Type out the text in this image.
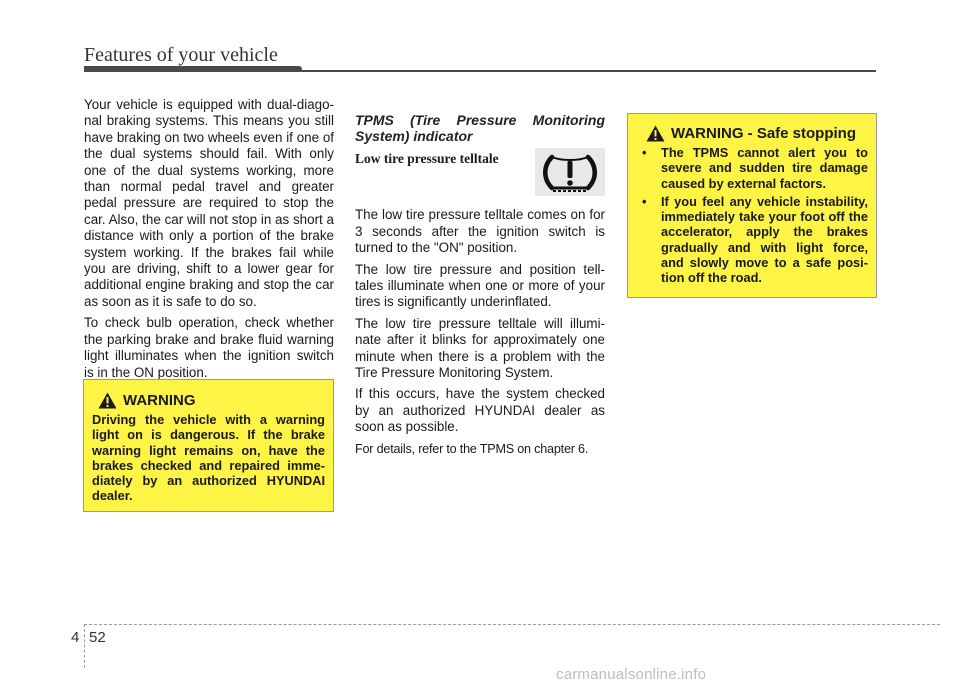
Features of your vehicle

Your vehicle is equipped with dual-diago- nal braking systems. This means you still have braking on two wheels even if one of the dual systems should fail. With only one of the dual systems working, more than normal pedal travel and greater pedal pressure are required to stop the car. Also, the car will not stop in as short a distance with only a portion of the brake system working. If the brakes fail while you are driving, shift to a lower gear for additional engine braking and stop the car as soon as it is safe to do so.

To check bulb operation, check whether the parking brake and brake fluid warning light illuminates when the ignition switch is in the ON position.

WARNING
Driving the vehicle with a warning light on is dangerous. If the brake warning light remains on, have the brakes checked and repaired imme- diately by an authorized HYUNDAI dealer.
TPMS (Tire Pressure Monitoring System) indicator
Low tire pressure telltale

The low tire pressure telltale comes on for 3 seconds after the ignition switch is turned to the "ON" position.

The low tire pressure and position tell- tales illuminate when one or more of your tires is significantly underinflated.

The low tire pressure telltale will illumi- nate after it blinks for approximately one minute when there is a problem with the Tire Pressure Monitoring System.

If this occurs, have the system checked by an authorized HYUNDAI dealer as soon as possible.

For details, refer to the TPMS on chapter 6.

WARNING - Safe stopping
• The TPMS cannot alert you to severe and sudden tire damage caused by external factors.
• If you feel any vehicle instability, immediately take your foot off the accelerator, apply the brakes gradually and with light force, and slowly move to a safe posi- tion off the road.
4 52
carmanualsonline.info
